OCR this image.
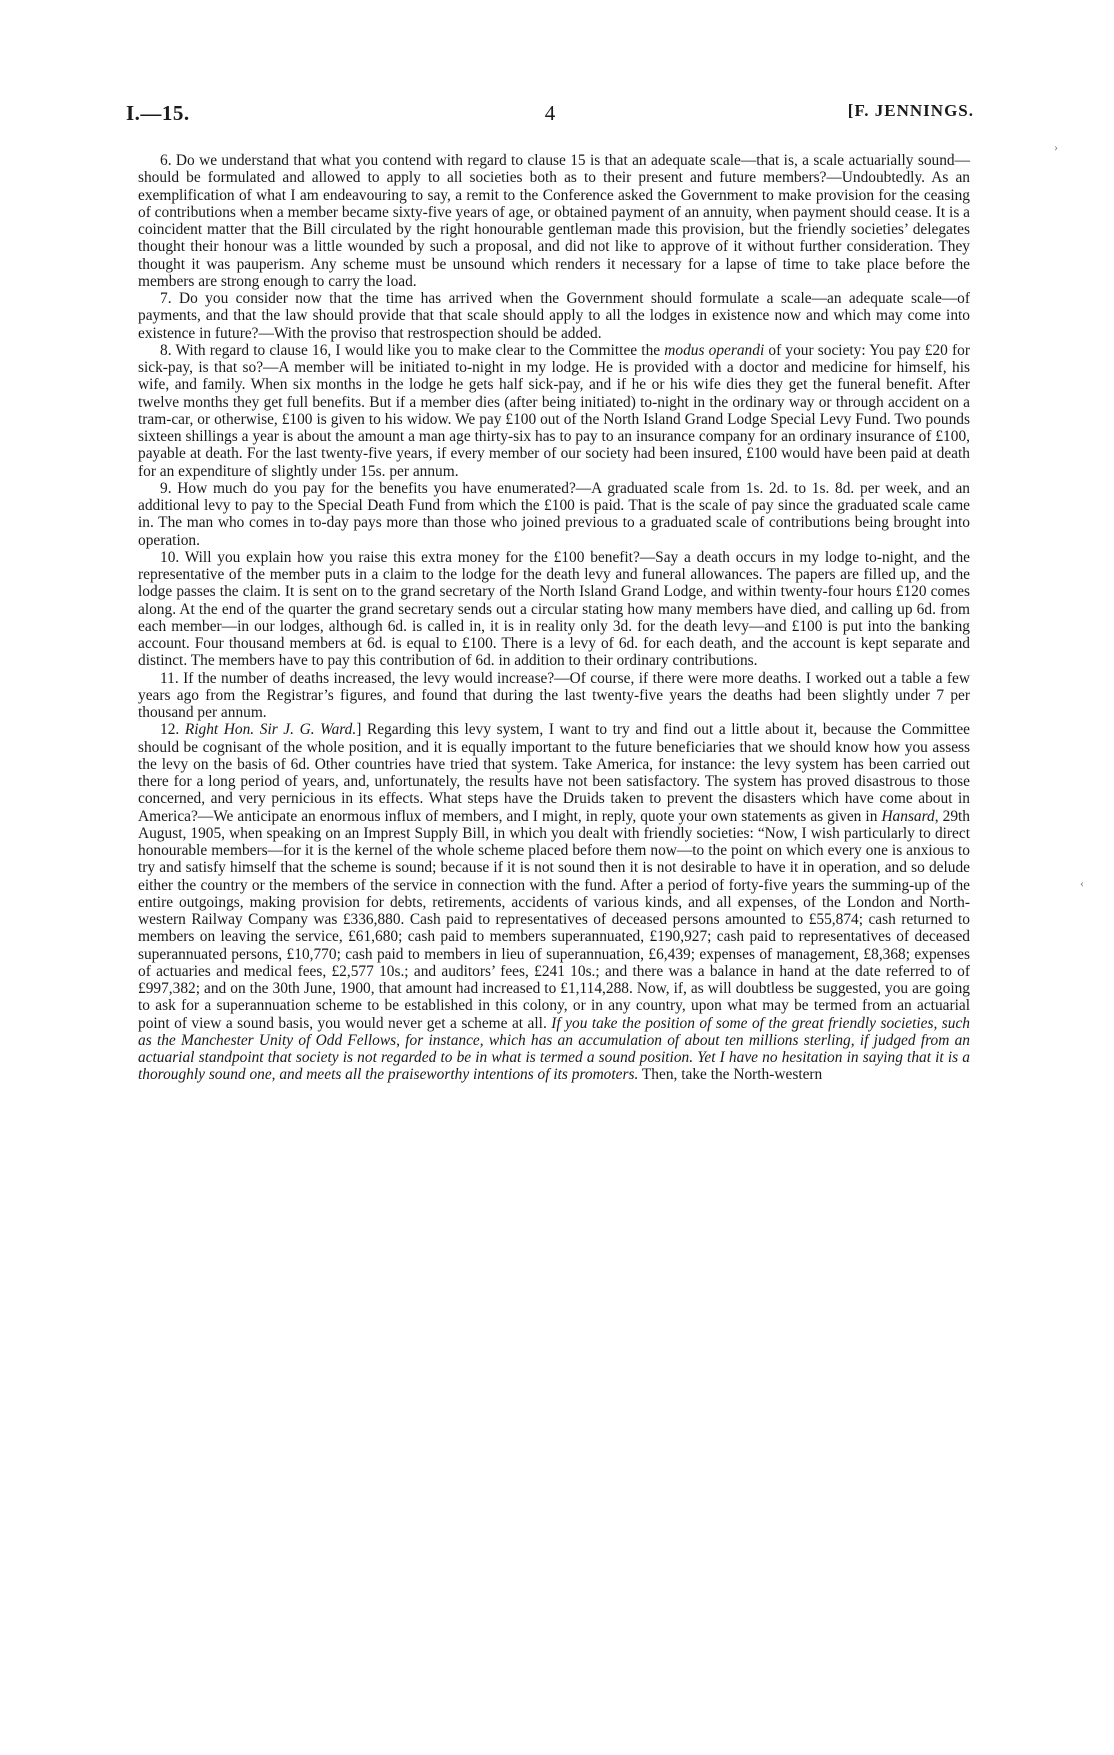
I.—15.	4	[F. JENNINGS.

6. Do we understand that what you contend with regard to clause 15 is that an adequate scale—that is, a scale actuarially sound—should be formulated and allowed to apply to all societies both as to their present and future members?—Undoubtedly. As an exemplification of what I am endeavouring to say, a remit to the Conference asked the Government to make provision for the ceasing of contributions when a member became sixty-five years of age, or obtained payment of an annuity, when payment should cease. It is a coincident matter that the Bill circulated by the right honourable gentleman made this provision, but the friendly societies’ delegates thought their honour was a little wounded by such a proposal, and did not like to approve of it without further consideration. They thought it was pauperism. Any scheme must be unsound which renders it necessary for a lapse of time to take place before the members are strong enough to carry the load.

7. Do you consider now that the time has arrived when the Government should formulate a scale—an adequate scale—of payments, and that the law should provide that that scale should apply to all the lodges in existence now and which may come into existence in future?—With the proviso that restrospection should be added.

8. With regard to clause 16, I would like you to make clear to the Committee the modus operandi of your society: You pay £20 for sick-pay, is that so?—A member will be initiated to-night in my lodge. He is provided with a doctor and medicine for himself, his wife, and family. When six months in the lodge he gets half sick-pay, and if he or his wife dies they get the funeral benefit. After twelve months they get full benefits. But if a member dies (after being initiated) to-night in the ordinary way or through accident on a tram-car, or otherwise, £100 is given to his widow. We pay £100 out of the North Island Grand Lodge Special Levy Fund. Two pounds sixteen shillings a year is about the amount a man age thirty-six has to pay to an insurance company for an ordinary insurance of £100, payable at death. For the last twenty-five years, if every member of our society had been insured, £100 would have been paid at death for an expenditure of slightly under 15s. per annum.

9. How much do you pay for the benefits you have enumerated?—A graduated scale from 1s. 2d. to 1s. 8d. per week, and an additional levy to pay to the Special Death Fund from which the £100 is paid. That is the scale of pay since the graduated scale came in. The man who comes in to-day pays more than those who joined previous to a graduated scale of contributions being brought into operation.

10. Will you explain how you raise this extra money for the £100 benefit?—Say a death occurs in my lodge to-night, and the representative of the member puts in a claim to the lodge for the death levy and funeral allowances. The papers are filled up, and the lodge passes the claim. It is sent on to the grand secretary of the North Island Grand Lodge, and within twenty-four hours £120 comes along. At the end of the quarter the grand secretary sends out a circular stating how many members have died, and calling up 6d. from each member—in our lodges, although 6d. is called in, it is in reality only 3d. for the death levy—and £100 is put into the banking account. Four thousand members at 6d. is equal to £100. There is a levy of 6d. for each death, and the account is kept separate and distinct. The members have to pay this contribution of 6d. in addition to their ordinary contributions.

11. If the number of deaths increased, the levy would increase?—Of course, if there were more deaths. I worked out a table a few years ago from the Registrar’s figures, and found that during the last twenty-five years the deaths had been slightly under 7 per thousand per annum.

12. Right Hon. Sir J. G. Ward.] Regarding this levy system, I want to try and find out a little about it, because the Committee should be cognisant of the whole position, and it is equally important to the future beneficiaries that we should know how you assess the levy on the basis of 6d. Other countries have tried that system. Take America, for instance: the levy system has been carried out there for a long period of years, and, unfortunately, the results have not been satisfactory. The system has proved disastrous to those concerned, and very pernicious in its effects. What steps have the Druids taken to prevent the disasters which have come about in America?—We anticipate an enormous influx of members, and I might, in reply, quote your own statements as given in Hansard, 29th August, 1905, when speaking on an Imprest Supply Bill, in which you dealt with friendly societies: “Now, I wish particularly to direct honourable members—for it is the kernel of the whole scheme placed before them now—to the point on which every one is anxious to try and satisfy himself that the scheme is sound; because if it is not sound then it is not desirable to have it in operation, and so delude either the country or the members of the service in connection with the fund. After a period of forty-five years the summing-up of the entire outgoings, making provision for debts, retirements, accidents of various kinds, and all expenses, of the London and North-western Railway Company was £336,880. Cash paid to representatives of deceased persons amounted to £55,874; cash returned to members on leaving the service, £61,680; cash paid to members superannuated, £190,927; cash paid to representatives of deceased superannuated persons, £10,770; cash paid to members in lieu of superannuation, £6,439; expenses of management, £8,368; expenses of actuaries and medical fees, £2,577 10s.; and auditors’ fees, £241 10s.; and there was a balance in hand at the date referred to of £997,382; and on the 30th June, 1900, that amount had increased to £1,114,288. Now, if, as will doubtless be suggested, you are going to ask for a superannuation scheme to be established in this colony, or in any country, upon what may be termed from an actuarial point of view a sound basis, you would never get a scheme at all. If you take the position of some of the great friendly societies, such as the Manchester Unity of Odd Fellows, for instance, which has an accumulation of about ten millions sterling, if judged from an actuarial standpoint that society is not regarded to be in what is termed a sound position. Yet I have no hesitation in saying that it is a thoroughly sound one, and meets all the praiseworthy intentions of its promoters. Then, take the North-western

›
‹
